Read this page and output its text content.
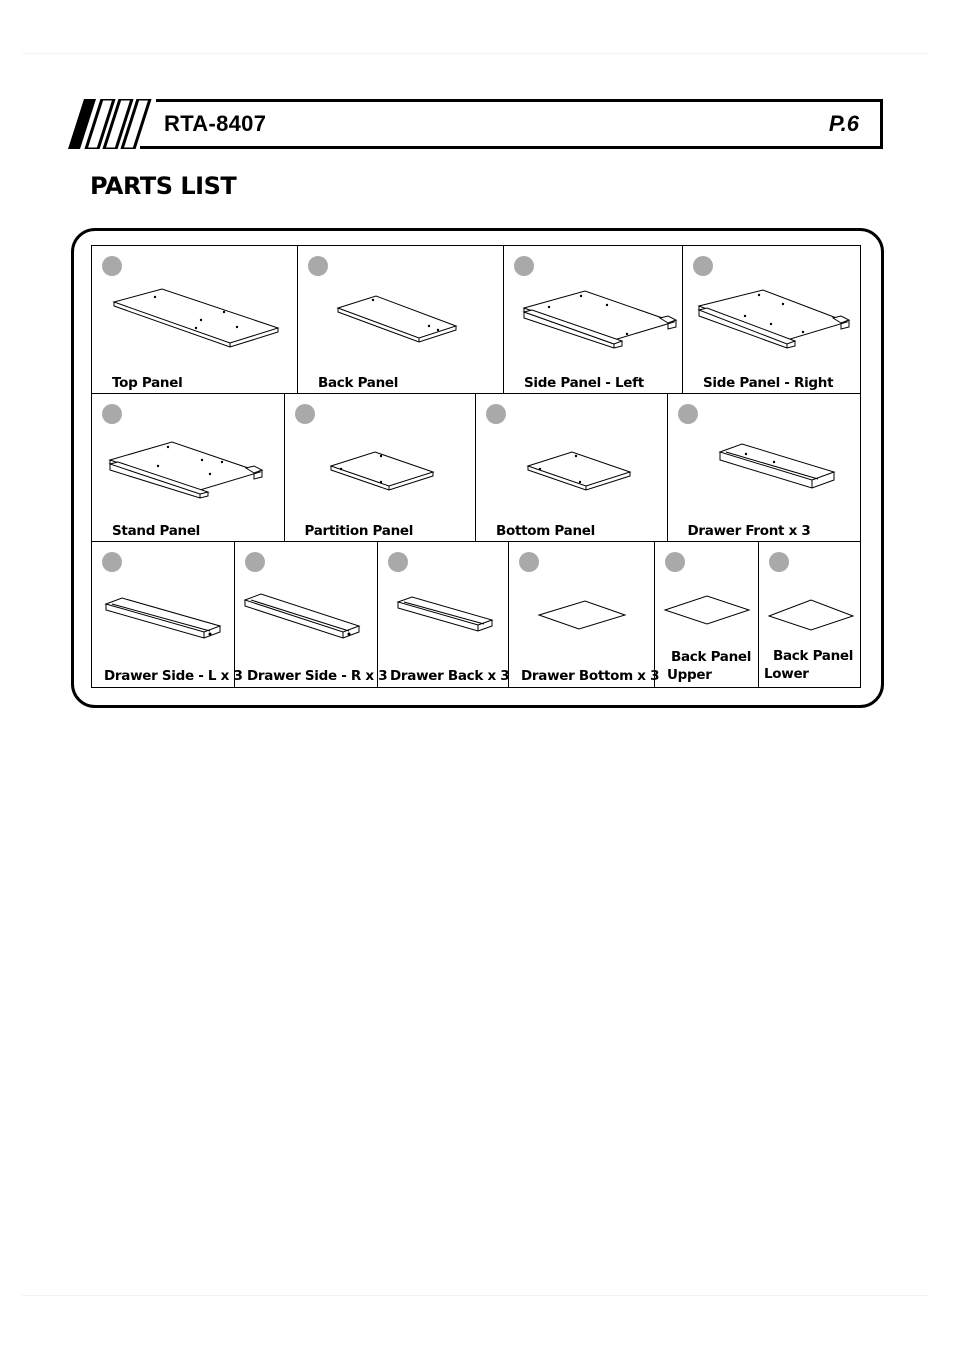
RTA-8407	P.6
PARTS LIST
Top Panel	Back Panel	Side Panel - Left	Side Panel - Right
Stand Panel	Partition Panel	Bottom Panel	Drawer Front x 3
Drawer Side - L x 3 Drawer Side - R x 3 Drawer Back x 3 Drawer Bottom x 3
Back Panel
Upper
Back Panel
Lower
